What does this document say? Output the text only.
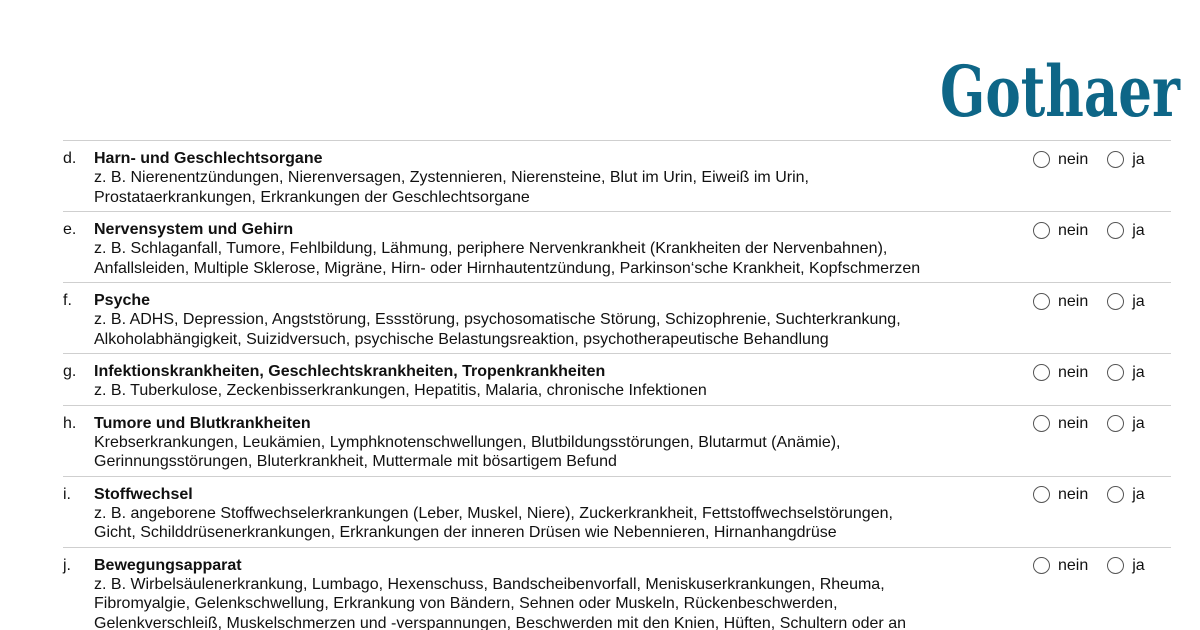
Gothaer
d. Harn- und Geschlechtsorgane
z. B. Nierenentzündungen, Nierenversagen, Zystennieren, Nierensteine, Blut im Urin, Eiweiß im Urin,
Prostataerkrankungen, Erkrankungen der Geschlechtsorgane
nein	ja
e. Nervensystem und Gehirn
z. B. Schlaganfall, Tumore, Fehlbildung, Lähmung, periphere Nervenkrankheit (Krankheiten der Nervenbahnen),
Anfallsleiden, Multiple Sklerose, Migräne, Hirn- oder Hirnhautentzündung, Parkinson‘sche Krankheit, Kopfschmerzen
nein	ja
f. Psyche
z. B. ADHS, Depression, Angststörung, Essstörung, psychosomatische Störung, Schizophrenie, Suchterkrankung,
Alkoholabhängigkeit, Suizidversuch, psychische Belastungsreaktion, psychotherapeutische Behandlung
nein	ja
g. Infektionskrankheiten, Geschlechtskrankheiten, Tropenkrankheiten
z. B. Tuberkulose, Zeckenbisserkrankungen, Hepatitis, Malaria, chronische Infektionen
nein	ja
h. Tumore und Blutkrankheiten
Krebserkrankungen, Leukämien, Lymphknotenschwellungen, Blutbildungsstörungen, Blutarmut (Anämie),
Gerinnungsstörungen, Bluterkrankheit, Muttermale mit bösartigem Befund
nein	ja
i. Stoffwechsel
z. B. angeborene Stoffwechselerkrankungen (Leber, Muskel, Niere), Zuckerkrankheit, Fettstoffwechselstörungen,
Gicht, Schilddrüsenerkrankungen, Erkrankungen der inneren Drüsen wie Nebennieren, Hirnanhangdrüse
nein	ja
j. Bewegungsapparat
z. B. Wirbelsäulenerkrankung, Lumbago, Hexenschuss, Bandscheibenvorfall, Meniskuserkrankungen, Rheuma,
Fibromyalgie, Gelenkschwellung, Erkrankung von Bändern, Sehnen oder Muskeln, Rückenbeschwerden,
Gelenkverschleiß, Muskelschmerzen und -verspannungen, Beschwerden mit den Knien, Hüften, Schultern oder an
nein	ja
